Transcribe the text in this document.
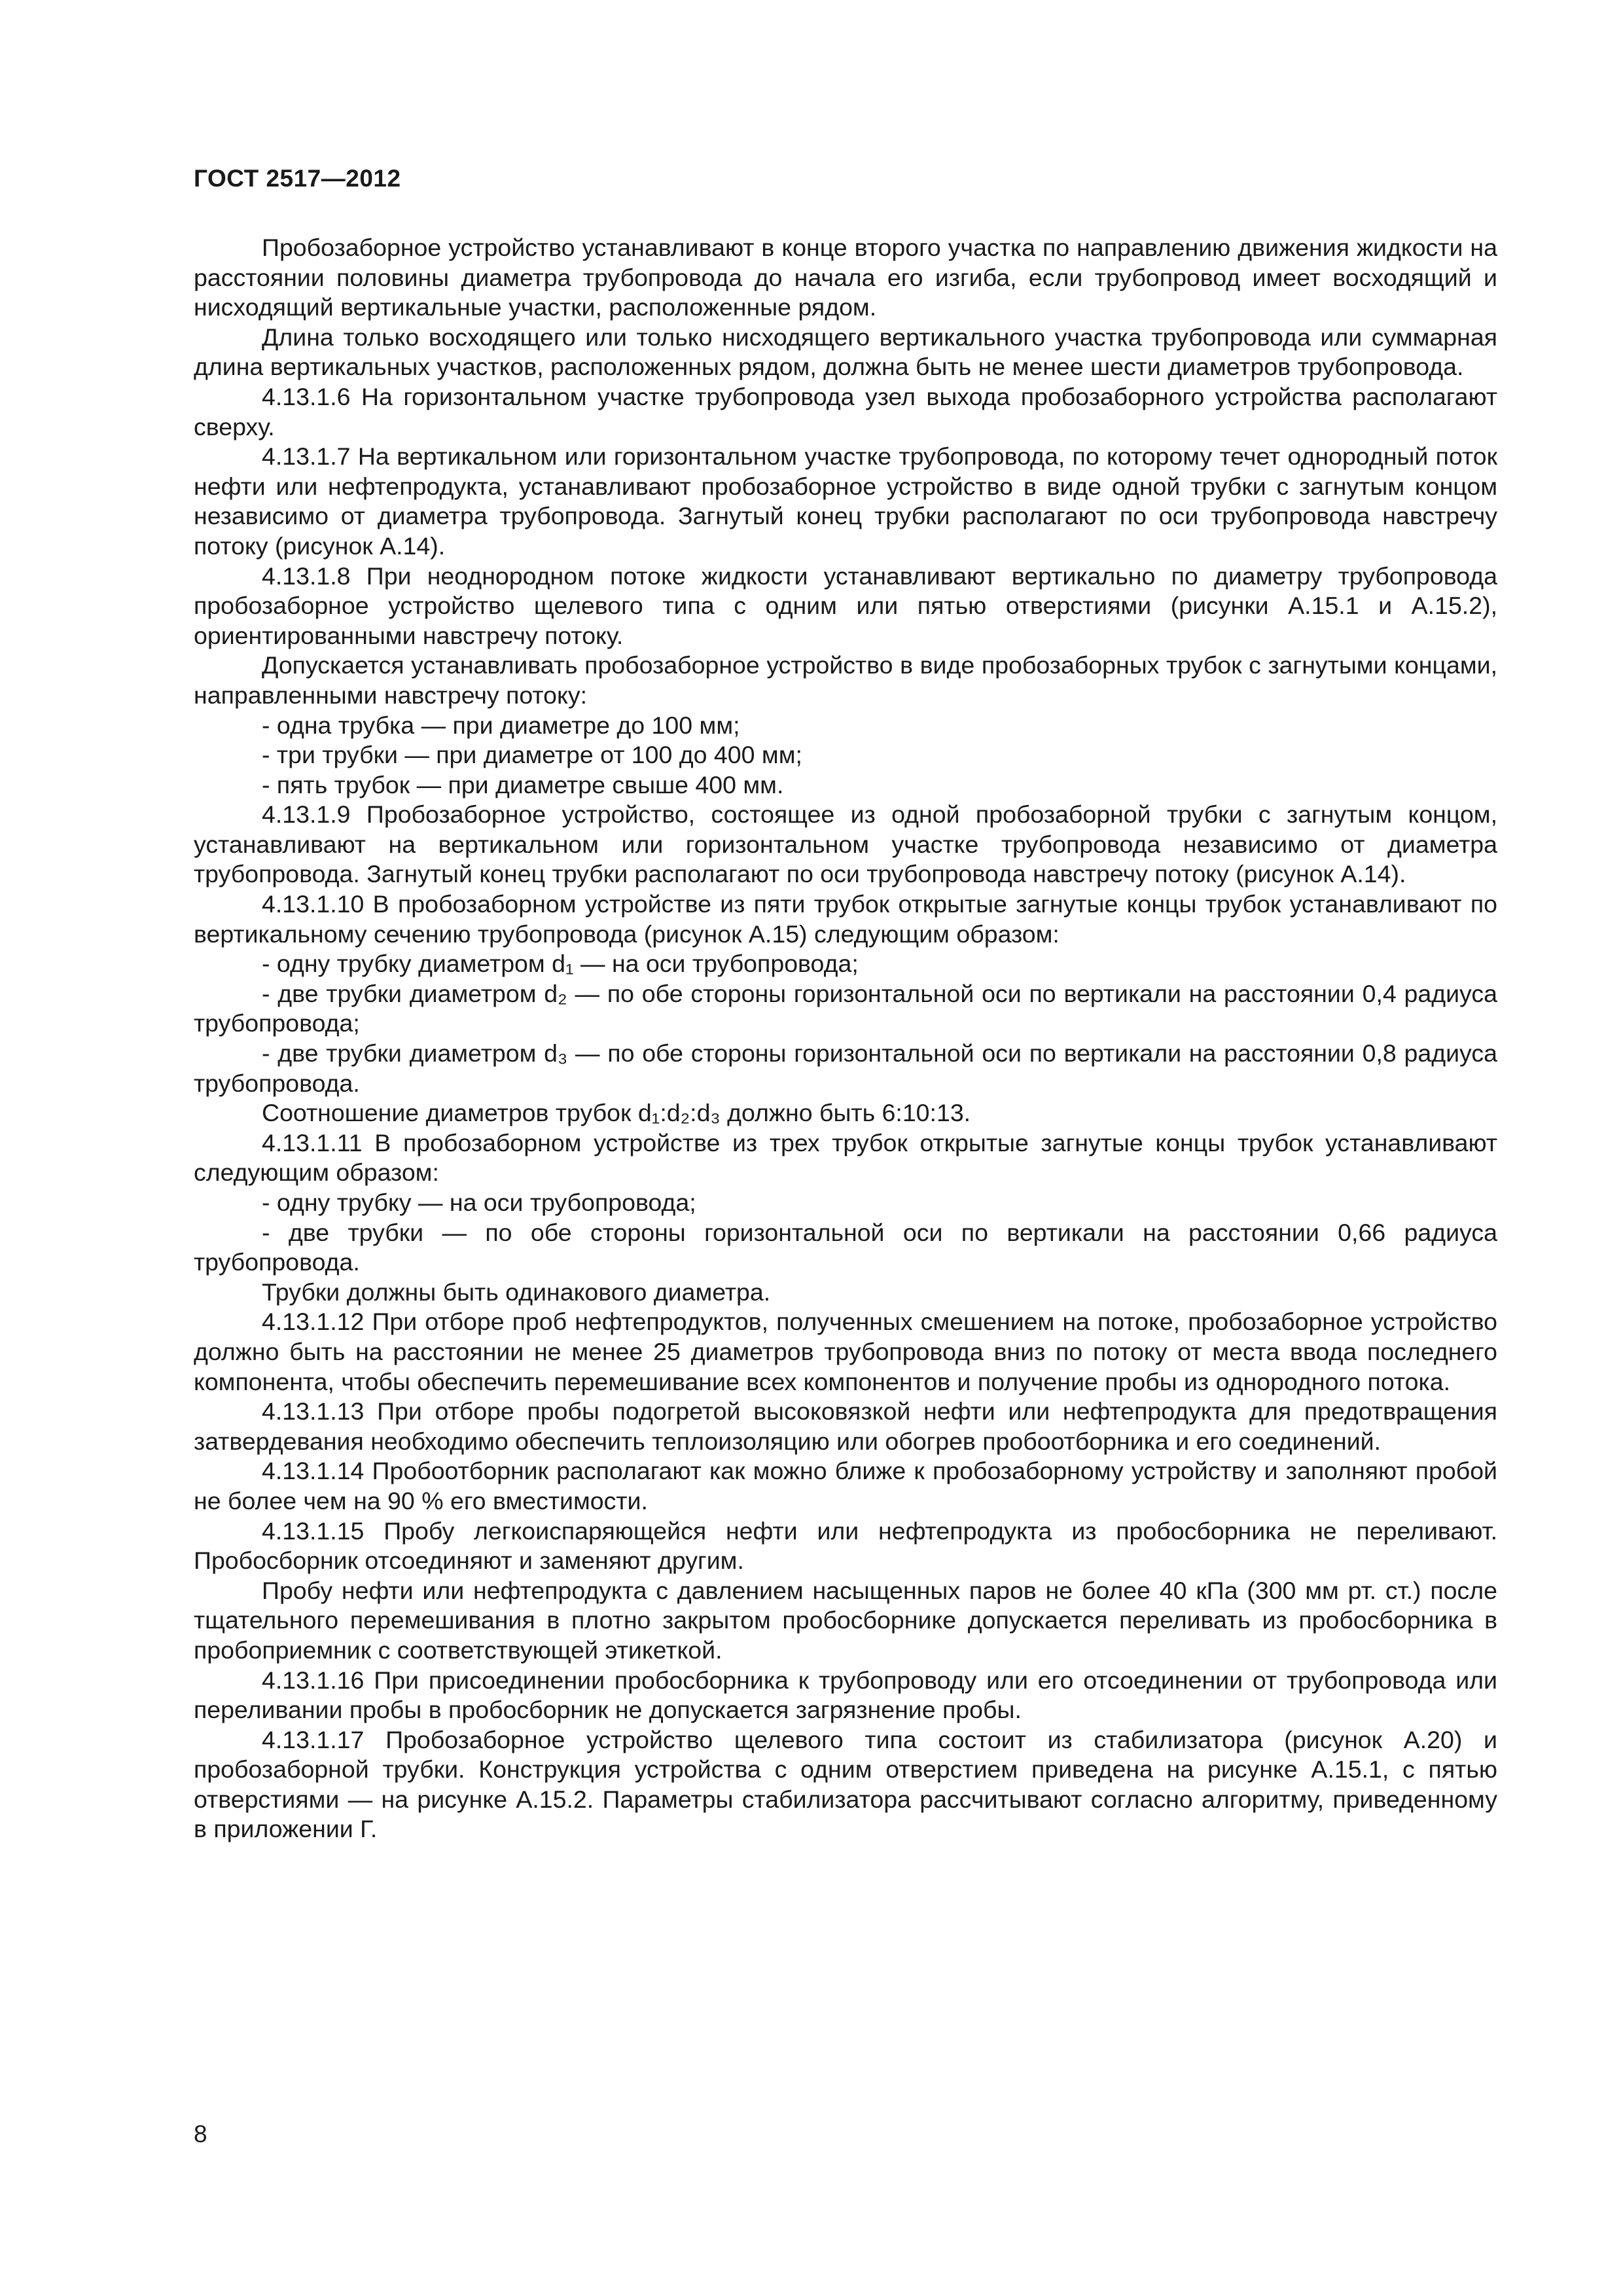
ГОСТ 2517—2012

Пробозаборное устройство устанавливают в конце второго участка по направлению движения жидкости на расстоянии половины диаметра трубопровода до начала его изгиба, если трубопровод имеет восходящий и нисходящий вертикальные участки, расположенные рядом.

Длина только восходящего или только нисходящего вертикального участка трубопровода или суммарная длина вертикальных участков, расположенных рядом, должна быть не менее шести диаметров трубопровода.

4.13.1.6 На горизонтальном участке трубопровода узел выхода пробозаборного устройства располагают сверху.

4.13.1.7 На вертикальном или горизонтальном участке трубопровода, по которому течет однородный поток нефти или нефтепродукта, устанавливают пробозаборное устройство в виде одной трубки с загнутым концом независимо от диаметра трубопровода. Загнутый конец трубки располагают по оси трубопровода навстречу потоку (рисунок А.14).

4.13.1.8 При неоднородном потоке жидкости устанавливают вертикально по диаметру трубопровода пробозаборное устройство щелевого типа с одним или пятью отверстиями (рисунки А.15.1 и А.15.2), ориентированными навстречу потоку.

Допускается устанавливать пробозаборное устройство в виде пробозаборных трубок с загнутыми концами, направленными навстречу потоку:

- одна трубка — при диаметре до 100 мм;

- три трубки — при диаметре от 100 до 400 мм;

- пять трубок — при диаметре свыше 400 мм.

4.13.1.9 Пробозаборное устройство, состоящее из одной пробозаборной трубки с загнутым концом, устанавливают на вертикальном или горизонтальном участке трубопровода независимо от диаметра трубопровода. Загнутый конец трубки располагают по оси трубопровода навстречу потоку (рисунок А.14).

4.13.1.10 В пробозаборном устройстве из пяти трубок открытые загнутые концы трубок устанавливают по вертикальному сечению трубопровода (рисунок А.15) следующим образом:

- одну трубку диаметром d₁ — на оси трубопровода;

- две трубки диаметром d₂ — по обе стороны горизонтальной оси по вертикали на расстоянии 0,4 радиуса трубопровода;

- две трубки диаметром d₃ — по обе стороны горизонтальной оси по вертикали на расстоянии 0,8 радиуса трубопровода.

Соотношение диаметров трубок d₁:d₂:d₃ должно быть 6:10:13.

4.13.1.11 В пробозаборном устройстве из трех трубок открытые загнутые концы трубок устанавливают следующим образом:

- одну трубку — на оси трубопровода;

- две трубки — по обе стороны горизонтальной оси по вертикали на расстоянии 0,66 радиуса трубопровода.

Трубки должны быть одинакового диаметра.

4.13.1.12 При отборе проб нефтепродуктов, полученных смешением на потоке, пробозаборное устройство должно быть на расстоянии не менее 25 диаметров трубопровода вниз по потоку от места ввода последнего компонента, чтобы обеспечить перемешивание всех компонентов и получение пробы из однородного потока.

4.13.1.13 При отборе пробы подогретой высоковязкой нефти или нефтепродукта для предотвращения затвердевания необходимо обеспечить теплоизоляцию или обогрев пробоотборника и его соединений.

4.13.1.14 Пробоотборник располагают как можно ближе к пробозаборному устройству и заполняют пробой не более чем на 90 % его вместимости.

4.13.1.15 Пробу легкоиспаряющейся нефти или нефтепродукта из пробосборника не переливают. Пробосборник отсоединяют и заменяют другим.

Пробу нефти или нефтепродукта с давлением насыщенных паров не более 40 кПа (300 мм рт. ст.) после тщательного перемешивания в плотно закрытом пробосборнике допускается переливать из пробосборника в пробоприемник с соответствующей этикеткой.

4.13.1.16 При присоединении пробосборника к трубопроводу или его отсоединении от трубопровода или переливании пробы в пробосборник не допускается загрязнение пробы.

4.13.1.17 Пробозаборное устройство щелевого типа состоит из стабилизатора (рисунок А.20) и пробозаборной трубки. Конструкция устройства с одним отверстием приведена на рисунке А.15.1, с пятью отверстиями — на рисунке А.15.2. Параметры стабилизатора рассчитывают согласно алгоритму, приведенному в приложении Г.

8
